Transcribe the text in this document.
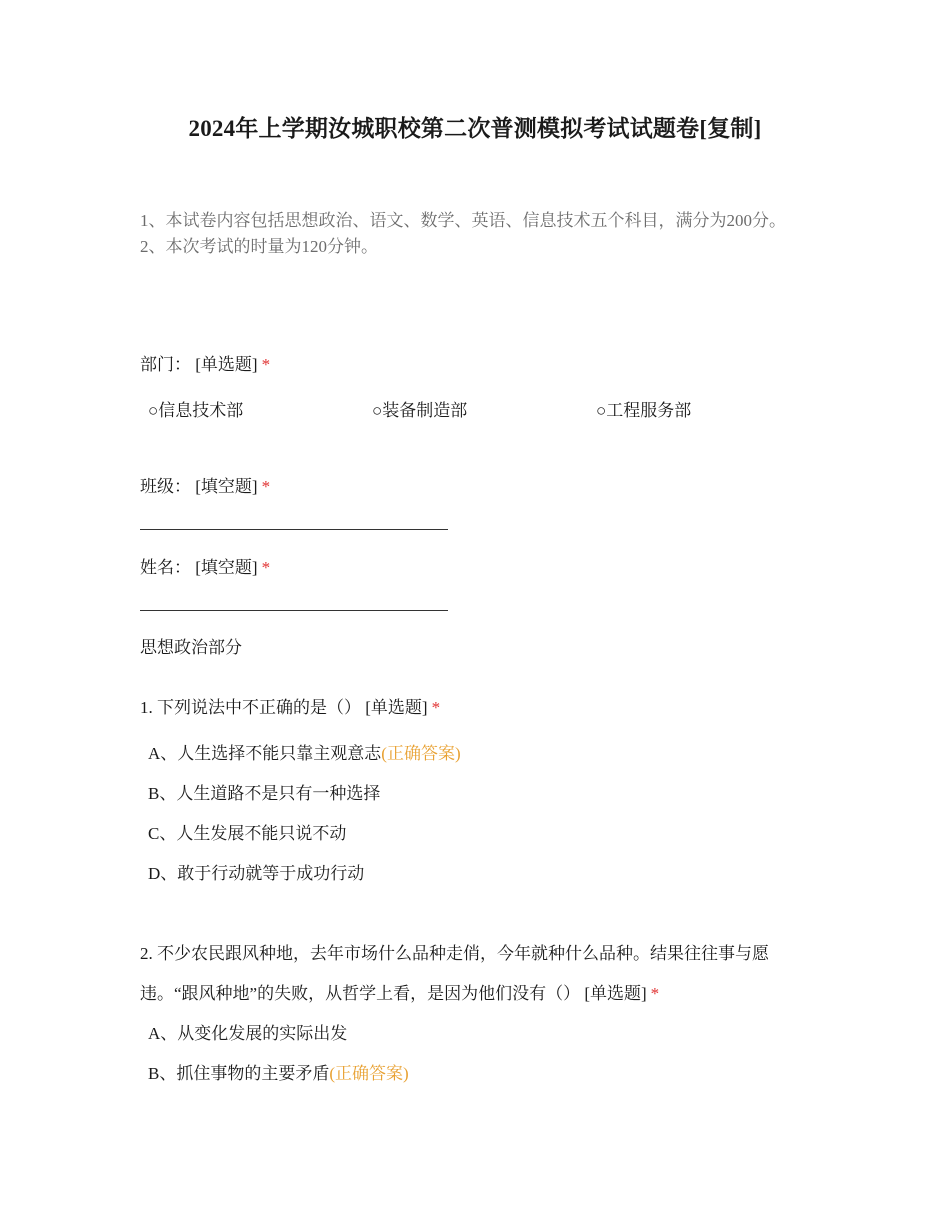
2024年上学期汝城职校第二次普测模拟考试试题卷[复制]
1、本试卷内容包括思想政治、语文、数学、英语、信息技术五个科目，满分为200分。
2、本次考试的时量为120分钟。
部门： [单选题] *
○信息技术部	○装备制造部	○工程服务部
班级： [填空题] *
姓名： [填空题] *
思想政治部分
1. 下列说法中不正确的是（） [单选题] *
A、人生选择不能只靠主观意志(正确答案)
B、人生道路不是只有一种选择
C、人生发展不能只说不动
D、敢于行动就等于成功行动
2. 不少农民跟风种地，去年市场什么品种走俏，今年就种什么品种。结果往往事与愿违。“跟风种地”的失败，从哲学上看，是因为他们没有（） [单选题] *
A、从变化发展的实际出发
B、抓住事物的主要矛盾(正确答案)
